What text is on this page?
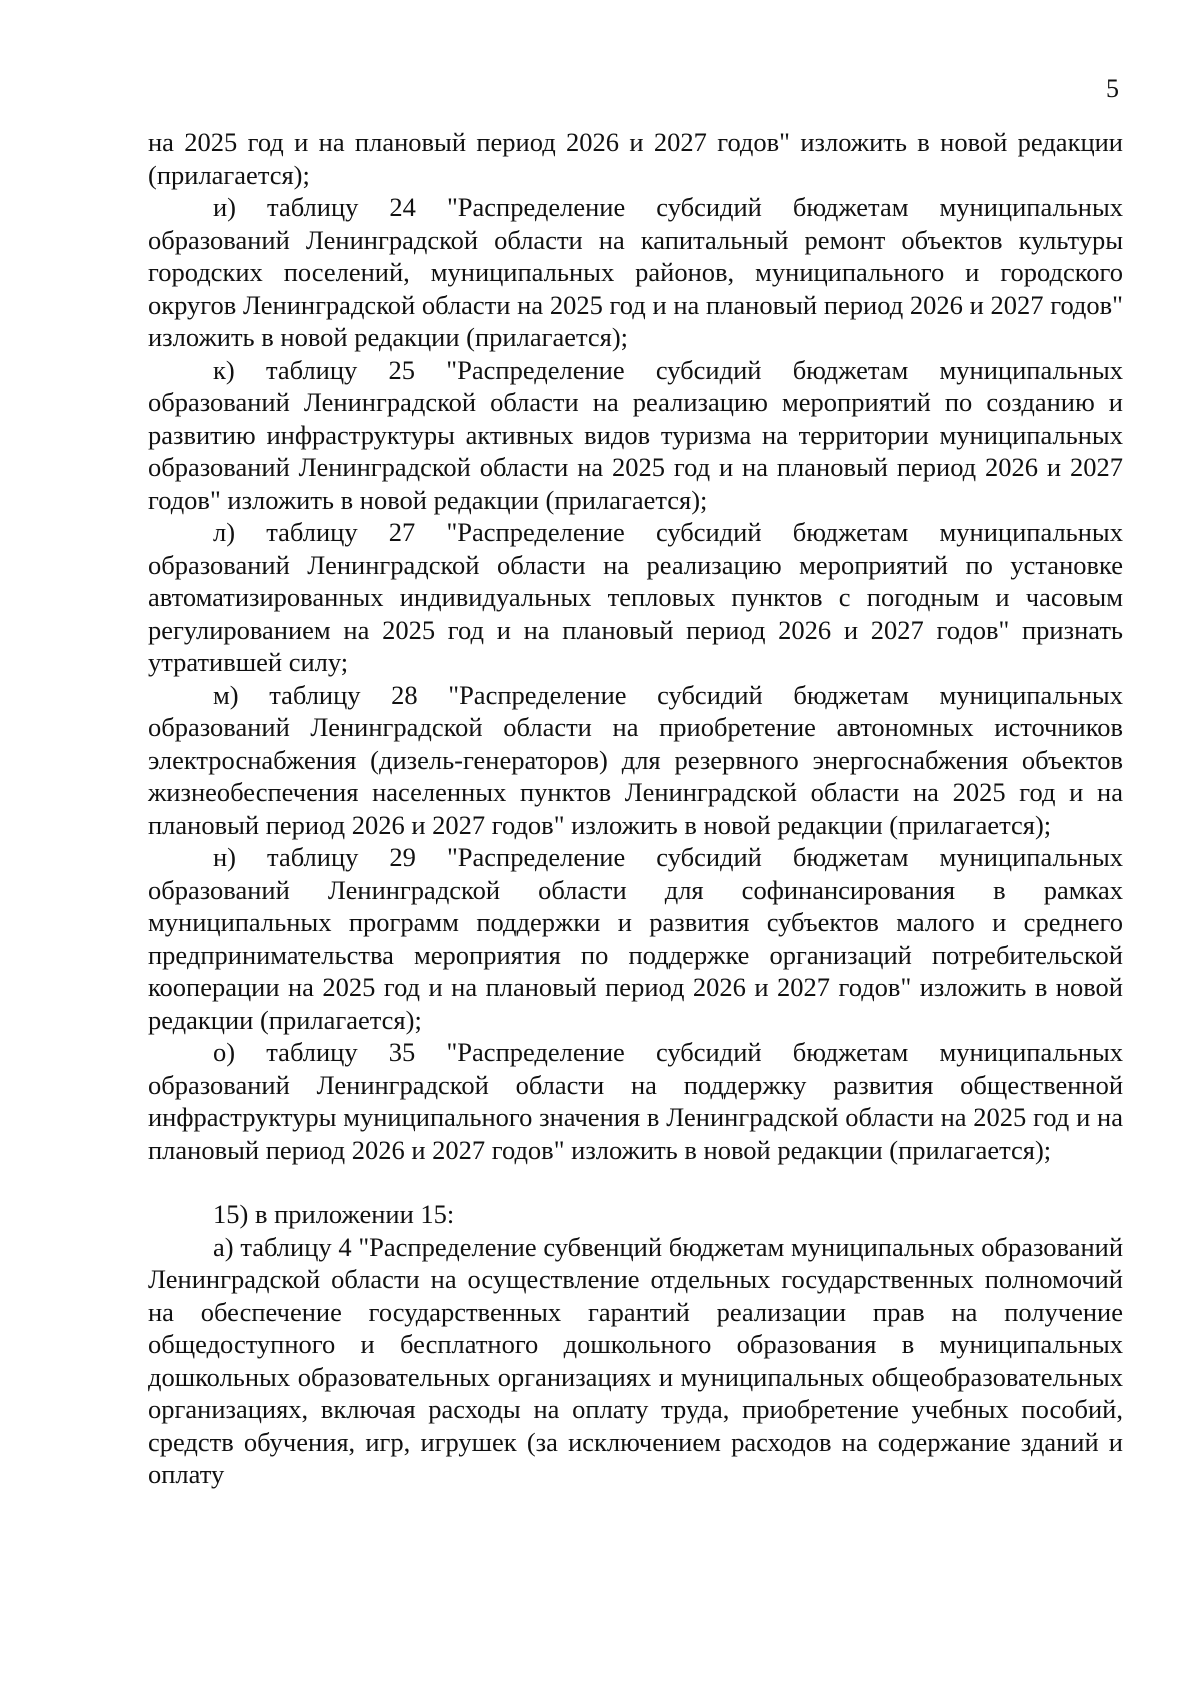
5

на 2025 год и на плановый период 2026 и 2027 годов" изложить в новой редакции (прилагается);

и) таблицу 24 "Распределение субсидий бюджетам муниципальных образований Ленинградской области на капитальный ремонт объектов культуры городских поселений, муниципальных районов, муниципального и городского округов Ленинградской области на 2025 год и на плановый период 2026 и 2027 годов" изложить в новой редакции (прилагается);

к) таблицу 25 "Распределение субсидий бюджетам муниципальных образований Ленинградской области на реализацию мероприятий по созданию и развитию инфраструктуры активных видов туризма на территории муниципальных образований Ленинградской области на 2025 год и на плановый период 2026 и 2027 годов" изложить в новой редакции (прилагается);

л) таблицу 27 "Распределение субсидий бюджетам муниципальных образований Ленинградской области на реализацию мероприятий по установке автоматизированных индивидуальных тепловых пунктов с погодным и часовым регулированием на 2025 год и на плановый период 2026 и 2027 годов" признать утратившей силу;

м) таблицу 28 "Распределение субсидий бюджетам муниципальных образований Ленинградской области на приобретение автономных источников электроснабжения (дизель-генераторов) для резервного энергоснабжения объектов жизнеобеспечения населенных пунктов Ленинградской области на 2025 год и на плановый период 2026 и 2027 годов" изложить в новой редакции (прилагается);

н) таблицу 29 "Распределение субсидий бюджетам муниципальных образований Ленинградской области для софинансирования в рамках муниципальных программ поддержки и развития субъектов малого и среднего предпринимательства мероприятия по поддержке организаций потребительской кооперации на 2025 год и на плановый период 2026 и 2027 годов" изложить в новой редакции (прилагается);

о) таблицу 35 "Распределение субсидий бюджетам муниципальных образований Ленинградской области на поддержку развития общественной инфраструктуры муниципального значения в Ленинградской области на 2025 год и на плановый период 2026 и 2027 годов" изложить в новой редакции (прилагается);

15) в приложении 15:

а) таблицу 4 "Распределение субвенций бюджетам муниципальных образований Ленинградской области на осуществление отдельных государственных полномочий на обеспечение государственных гарантий реализации прав на получение общедоступного и бесплатного дошкольного образования в муниципальных дошкольных образовательных организациях и муниципальных общеобразовательных организациях, включая расходы на оплату труда, приобретение учебных пособий, средств обучения, игр, игрушек (за исключением расходов на содержание зданий и оплату
